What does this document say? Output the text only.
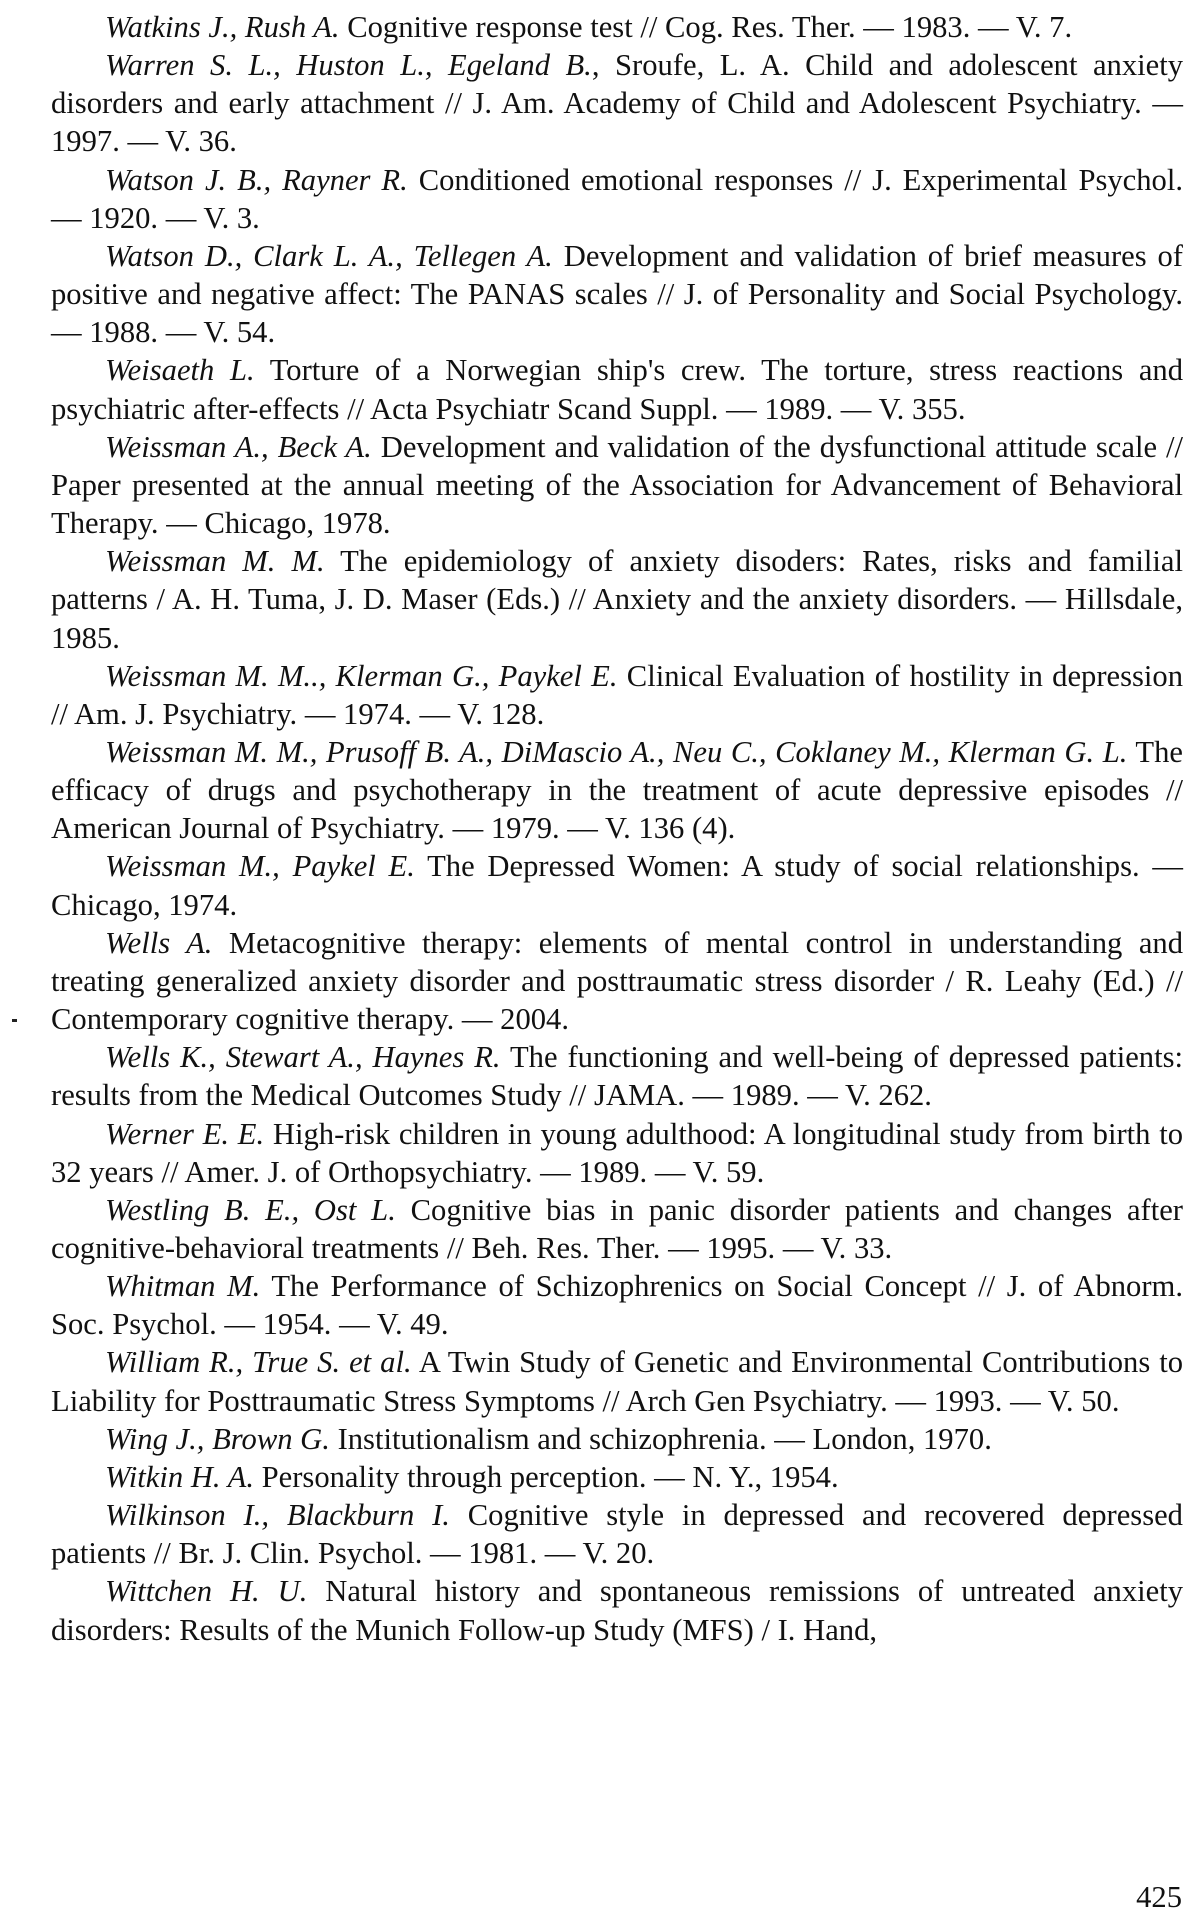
Watkins J., Rush A. Cognitive response test // Cog. Res. Ther. — 1983. — V. 7.

Warren S. L., Huston L., Egeland B., Sroufe, L. A. Child and adolescent anxiety disorders and early attachment // J. Am. Academy of Child and Adolescent Psychiatry. — 1997. — V. 36.

Watson J. B., Rayner R. Conditioned emotional responses // J. Experimental Psychol. — 1920. — V. 3.

Watson D., Clark L. A., Tellegen A. Development and validation of brief measures of positive and negative affect: The PANAS scales // J. of Personality and Social Psychology. — 1988. — V. 54.

Weisaeth L. Torture of a Norwegian ship's crew. The torture, stress reactions and psychiatric after-effects // Acta Psychiatr Scand Suppl. — 1989. — V. 355.

Weissman A., Beck A. Development and validation of the dysfunctional attitude scale // Paper presented at the annual meeting of the Association for Advancement of Behavioral Therapy. — Chicago, 1978.

Weissman M. M. The epidemiology of anxiety disoders: Rates, risks and familial patterns / A. H. Tuma, J. D. Maser (Eds.) // Anxiety and the anxiety disorders. — Hillsdale, 1985.

Weissman M. M.., Klerman G., Paykel E. Clinical Evaluation of hostility in depression // Am. J. Psychiatry. — 1974. — V. 128.

Weissman M. M., Prusoff B. A., DiMascio A., Neu C., Coklaney M., Klerman G. L. The efficacy of drugs and psychotherapy in the treatment of acute depressive episodes // American Journal of Psychiatry. — 1979. — V. 136 (4).

Weissman M., Paykel E. The Depressed Women: A study of social relationships. — Chicago, 1974.

Wells A. Metacognitive therapy: elements of mental control in understanding and treating generalized anxiety disorder and posttraumatic stress disorder / R. Leahy (Ed.) // Contemporary cognitive therapy. — 2004.

Wells K., Stewart A., Haynes R. The functioning and well-being of depressed patients: results from the Medical Outcomes Study // JAMA. — 1989. — V. 262.

Werner E. E. High-risk children in young adulthood: A longitudinal study from birth to 32 years // Amer. J. of Orthopsychiatry. — 1989. — V. 59.

Westling B. E., Ost L. Cognitive bias in panic disorder patients and changes after cognitive-behavioral treatments // Beh. Res. Ther. — 1995. — V. 33.

Whitman M. The Performance of Schizophrenics on Social Concept // J. of Abnorm. Soc. Psychol. — 1954. — V. 49.

William R., True S. et al. A Twin Study of Genetic and Environmental Contributions to Liability for Posttraumatic Stress Symptoms // Arch Gen Psychiatry. — 1993. — V. 50.

Wing J., Brown G. Institutionalism and schizophrenia. — London, 1970.

Witkin H. A. Personality through perception. — N. Y., 1954.

Wilkinson I., Blackburn I. Cognitive style in depressed and recovered depressed patients // Br. J. Clin. Psychol. — 1981. — V. 20.

Wittchen H. U. Natural history and spontaneous remissions of untreated anxiety disorders: Results of the Munich Follow-up Study (MFS) / I. Hand,

425
